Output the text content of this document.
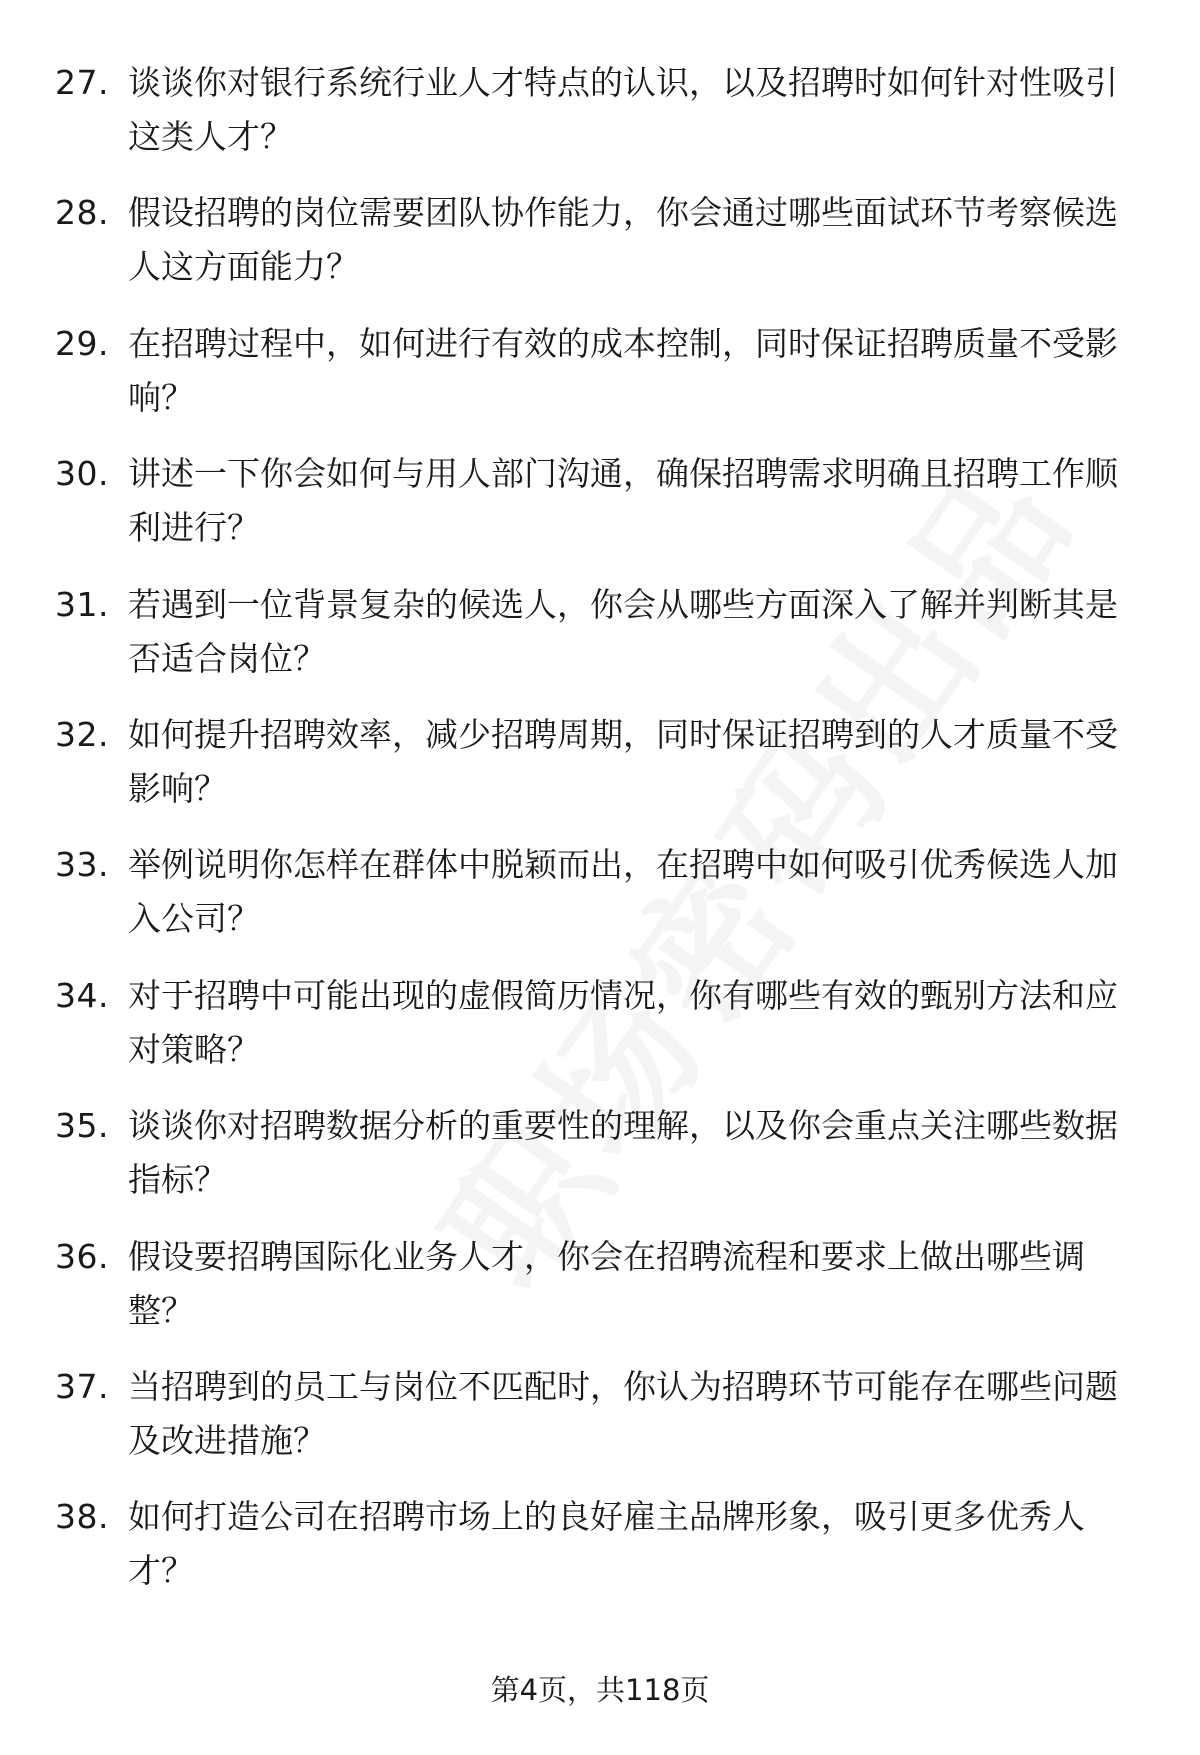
27. 谈谈你对银行系统行业人才特点的认识，以及招聘时如何针对性吸引这类人才？

28. 假设招聘的岗位需要团队协作能力，你会通过哪些面试环节考察候选人这方面能力？

29. 在招聘过程中，如何进行有效的成本控制，同时保证招聘质量不受影响？

30. 讲述一下你会如何与用人部门沟通，确保招聘需求明确且招聘工作顺利进行？

31. 若遇到一位背景复杂的候选人，你会从哪些方面深入了解并判断其是否适合岗位？

32. 如何提升招聘效率，减少招聘周期，同时保证招聘到的人才质量不受影响？

33. 举例说明你怎样在群体中脱颖而出，在招聘中如何吸引优秀候选人加入公司？

34. 对于招聘中可能出现的虚假简历情况，你有哪些有效的甄别方法和应对策略？

35. 谈谈你对招聘数据分析的重要性的理解，以及你会重点关注哪些数据指标？

36. 假设要招聘国际化业务人才，你会在招聘流程和要求上做出哪些调整？

37. 当招聘到的员工与岗位不匹配时，你认为招聘环节可能存在哪些问题及改进措施？

38. 如何打造公司在招聘市场上的良好雇主品牌形象，吸引更多优秀人才？

第4页，共118页
